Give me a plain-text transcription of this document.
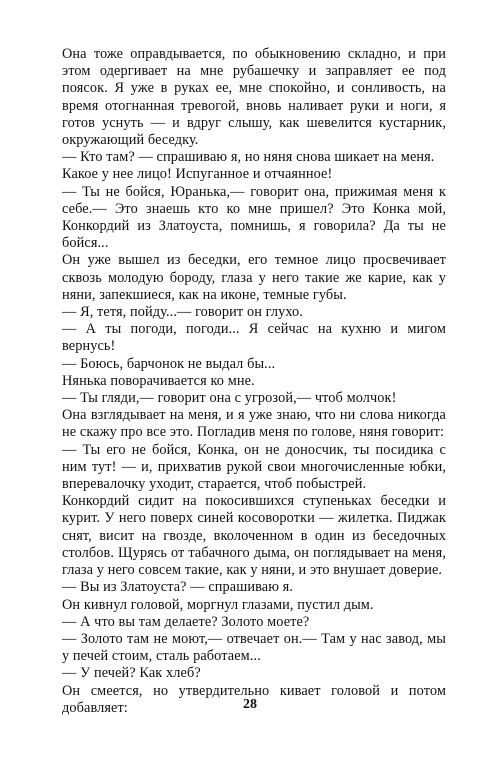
Она тоже оправдывается, по обыкновению складно, и при этом одергивает на мне рубашечку и заправляет ее под поясок. Я уже в руках ее, мне спокойно, и сонливость, на время отогнанная тревогой, вновь наливает руки и ноги, я готов уснуть — и вдруг слышу, как шевелится кустарник, окружающий беседку.

— Кто там? — спрашиваю я, но няня снова шикает на меня.

Какое у нее лицо! Испуганное и отчаянное!

— Ты не бойся, Юранька,— говорит она, прижимая меня к себе.— Это знаешь кто ко мне пришел? Это Конка мой, Конкордий из Златоуста, помнишь, я говорила? Да ты не бойся...

Он уже вышел из беседки, его темное лицо просвечивает сквозь молодую бороду, глаза у него такие же карие, как у няни, запекшиеся, как на иконе, темные губы.

— Я, тетя, пойду...— говорит он глухо.

— А ты погоди, погоди... Я сейчас на кухню и мигом вернусь!

— Боюсь, барчонок не выдал бы...

Нянька поворачивается ко мне.

— Ты гляди,— говорит она с угрозой,— чтоб молчок!

Она взглядывает на меня, и я уже знаю, что ни слова никогда не скажу про все это. Погладив меня по голове, няня говорит:

— Ты его не бойся, Конка, он не доносчик, ты посидика с ним тут! — и, прихватив рукой свои многочисленные юбки, вперевалочку уходит, старается, чтоб побыстрей.

Конкордий сидит на покосившихся ступеньках беседки и курит. У него поверх синей косоворотки — жилетка. Пиджак снят, висит на гвозде, вколоченном в один из беседочных столбов. Щурясь от табачного дыма, он поглядывает на меня, глаза у него совсем такие, как у няни, и это внушает доверие.

— Вы из Златоуста? — спрашиваю я.

Он кивнул головой, моргнул глазами, пустил дым.

— А что вы там делаете? Золото моете?

— Золото там не моют,— отвечает он.— Там у нас завод, мы у печей стоим, сталь работаем...

— У печей? Как хлеб?

Он смеется, но утвердительно кивает головой и потом добавляет:	28
